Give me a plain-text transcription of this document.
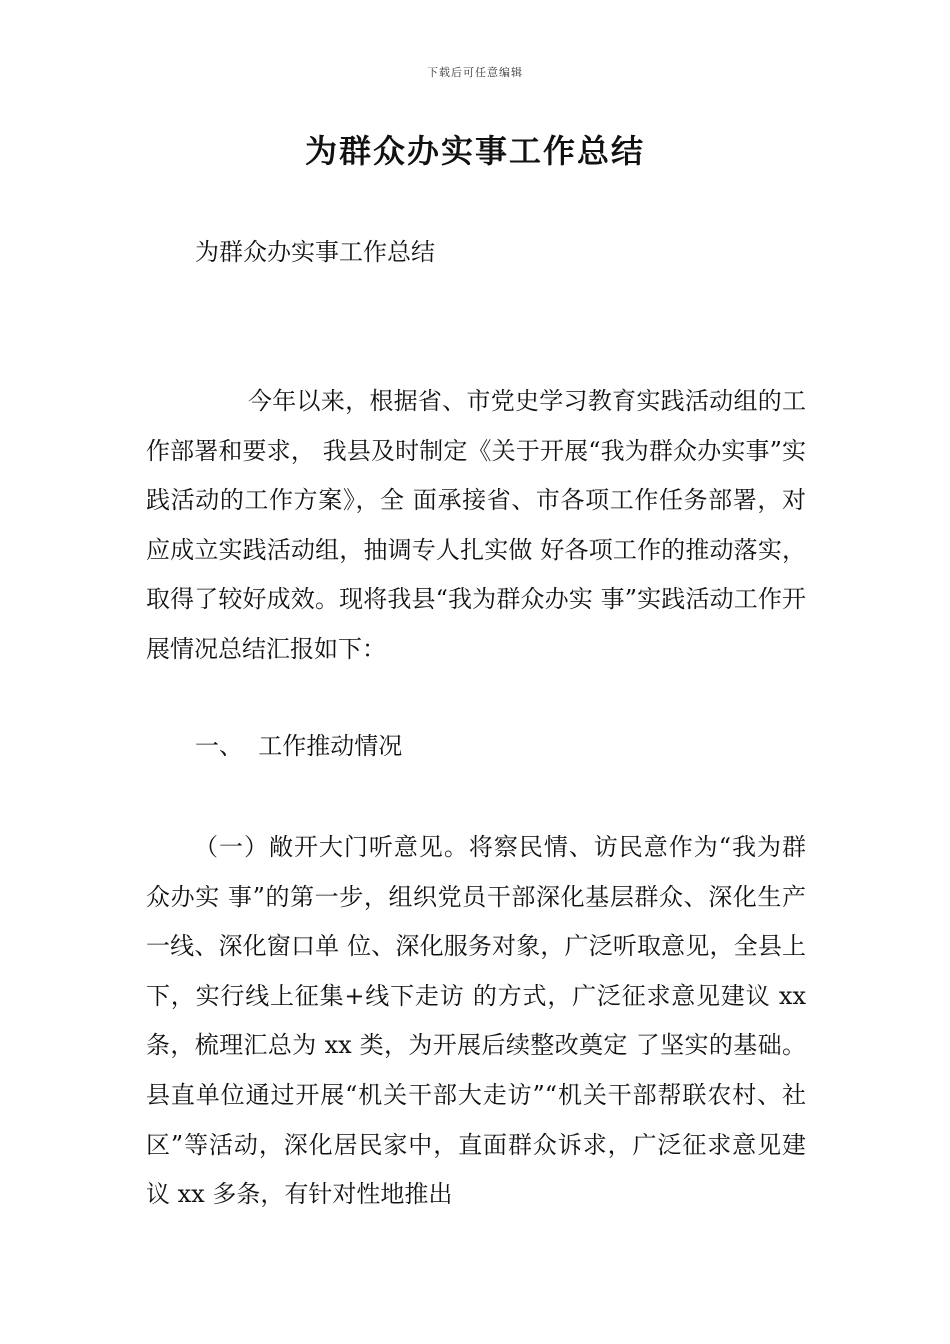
下载后可任意编辑
为群众办实事工作总结
为群众办实事工作总结
今年以来，根据省、市党史学习教育实践活动组的工作部署和要求， 我县及时制定《关于开展“我为群众办实事”实践活动的工作方案》，全 面承接省、市各项工作任务部署，对应成立实践活动组，抽调专人扎实做 好各项工作的推动落实，取得了较好成效。现将我县“我为群众办实 事”实践活动工作开展情况总结汇报如下：
一、  工作推动情况
（一）敞开大门听意见。将察民情、访民意作为“我为群众办实 事”的第一步，组织党员干部深化基层群众、深化生产一线、深化窗口单 位、深化服务对象，广泛听取意见，全县上下，实行线上征集+线下走访 的方式，广泛征求意见建议 xx 条，梳理汇总为 xx 类，为开展后续整改奠定 了坚实的基础。县直单位通过开展“机关干部大走访”“机关干部帮联农村、社区”等活动，深化居民家中，直面群众诉求，广泛征求意见建议 xx 多条，有针对性地推出
